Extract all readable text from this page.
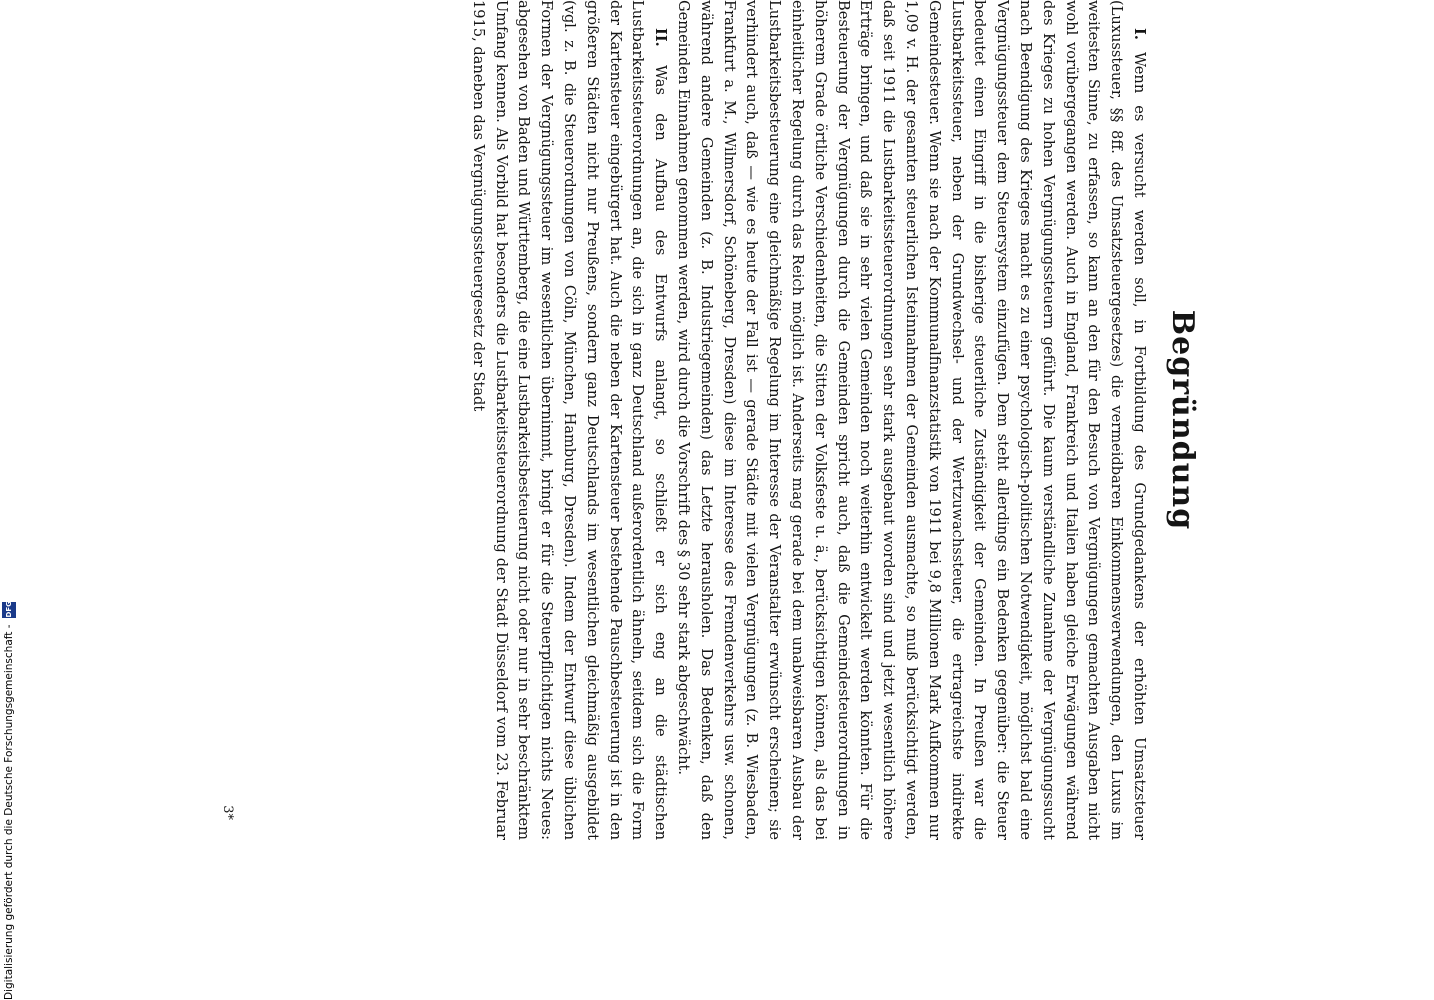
Begründung

I. Wenn es versucht werden soll, in Fortbildung des Grundgedankens der erhöhten Umsatzsteuer (Luxussteuer, §§ 8ff. des Umsatzsteuergesetzes) die vermeidbaren Einkommensverwendungen, den Luxus im weitesten Sinne, zu erfassen, so kann an den für den Besuch von Vergnügungen gemachten Ausgaben nicht wohl vorübergegangen werden. Auch in England, Frankreich und Italien haben gleiche Erwägungen während des Krieges zu hohen Vergnügungssteuern geführt. Die kaum verständliche Zunahme der Vergnügungssucht nach Beendigung des Krieges macht es zu einer psychologisch-politischen Notwendigkeit, möglichst bald eine Vergnügungssteuer dem Steuersystem einzufügen. Dem steht allerdings ein Bedenken gegenüber: die Steuer bedeutet einen Eingriff in die bisherige steuerliche Zuständigkeit der Gemeinden. In Preußen war die Lustbarkeitssteuer, neben der Grundwechsel- und der Wertzuwachssteuer, die ertragreichste indirekte Gemeindesteuer. Wenn sie nach der Kommunalfinanzstatistik von 1911 bei 9,8 Millionen Mark Aufkommen nur 1,09 v. H. der gesamten steuerlichen Isteinnahmen der Gemeinden ausmachte, so muß berücksichtigt werden, daß seit 1911 die Lustbarkeitssteuerordnungen sehr stark ausgebaut worden sind und jetzt wesentlich höhere Erträge bringen, und daß sie in sehr vielen Gemeinden noch weiterhin entwickelt werden könnten. Für die Besteuerung der Vergnügungen durch die Gemeinden spricht auch, daß die Gemeindesteuerordnungen in höherem Grade örtliche Verschiedenheiten, die Sitten der Volksfeste u. ä., berücksichtigen können, als das bei einheitlicher Regelung durch das Reich möglich ist. Anderseits mag gerade bei dem unabweisbaren Ausbau der Lustbarkeitsbesteuerung eine gleichmäßige Regelung im Interesse der Veranstalter erwünscht erscheinen; sie verhindert auch, daß — wie es heute der Fall ist — gerade Städte mit vielen Vergnügungen (z. B. Wiesbaden, Frankfurt a. M., Wilmersdorf, Schöneberg, Dresden) diese im Interesse des Fremdenverkehrs usw. schonen, während andere Gemeinden (z. B. Industriegemeinden) das Letzte herausholen. Das Bedenken, daß den Gemeinden Einnahmen genommen werden, wird durch die Vorschrift des § 30 sehr stark abgeschwächt.

II. Was den Aufbau des Entwurfs anlangt, so schließt er sich eng an die städtischen Lustbarkeitssteuerordnungen an, die sich in ganz Deutschland außerordentlich ähneln, seitdem sich die Form der Kartensteuer eingebürgert hat. Auch die neben der Kartensteuer bestehende Pauschbesteuerung ist in den größeren Städten nicht nur Preußens, sondern ganz Deutschlands im wesentlichen gleichmäßig ausgebildet (vgl. z. B. die Steuerordnungen von Cöln, München, Hamburg, Dresden). Indem der Entwurf diese üblichen Formen der Vergnügungssteuer im wesentlichen übernimmt, bringt er für die Steuerpflichtigen nichts Neues: abgesehen von Baden und Württemberg, die eine Lustbarkeitsbesteuerung nicht oder nur in sehr beschränktem Umfang kennen. Als Vorbild hat besonders die Lustbarkeitssteuerordnung der Stadt Düsseldorf vom 23. Februar 1915, daneben das Vergnügungssteuergesetz der Stadt

3*
Digitalisierung gefördert durch die Deutsche Forschungsgemeinschaft -
DFG
